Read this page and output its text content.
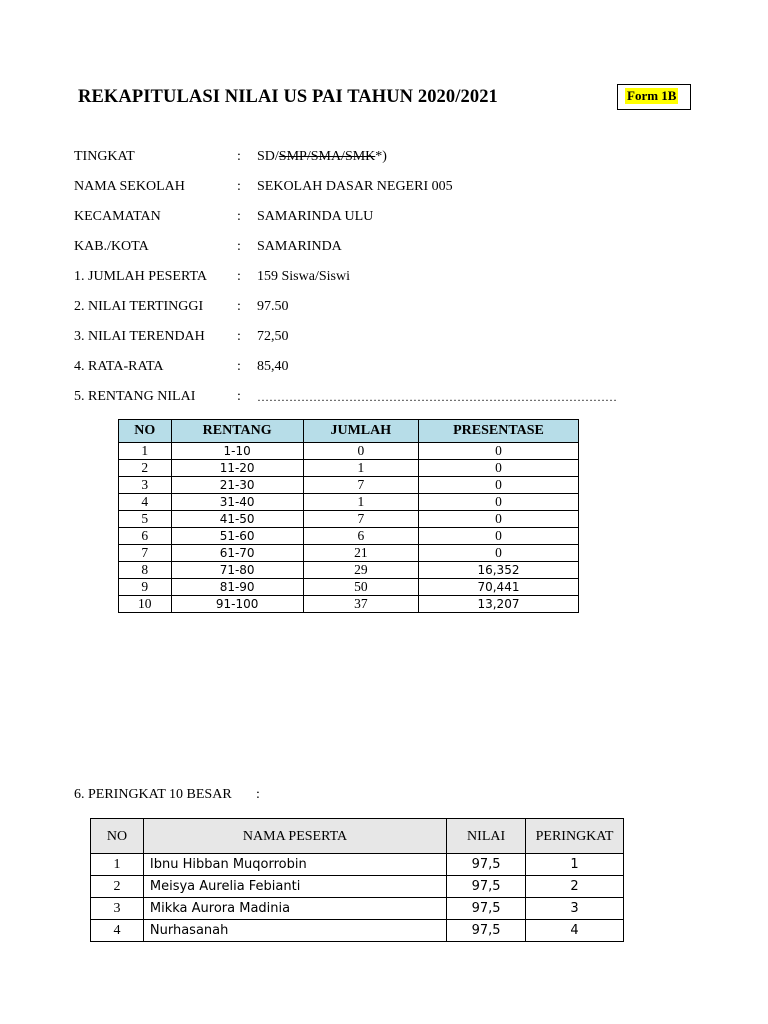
REKAPITULASI NILAI US PAI TAHUN 2020/2021	Form 1B
TINGKAT	: SD/SMP/SMA/SMK*)
NAMA SEKOLAH	: SEKOLAH DASAR NEGERI 005
KECAMATAN	: SAMARINDA ULU
KAB./KOTA	: SAMARINDA
1. JUMLAH PESERTA : 159 Siswa/Siswi
2. NILAI TERTINGGI : 97.50
3. NILAI TERENDAH : 72,50
4. RATA-RATA	: 85,40
5. RENTANG NILAI	: ………………………………………………………………………………
NO	RENTANG	JUMLAH	PRESENTASE
1	1-10	0	0
2	11-20	1	0
3	21-30	7	0
4	31-40	1	0
5	41-50	7	0
6	51-60	6	0
7	61-70	21	0
8	71-80	29	16,352
9	81-90	50	70,441
10	91-100	37	13,207
6. PERINGKAT 10 BESAR :
NO	NAMA PESERTA	NILAI	PERINGKAT
1	Ibnu Hibban Muqorrobin	97,5	1
2	Meisya Aurelia Febianti	97,5	2
3	Mikka Aurora Madinia	97,5	3
4	Nurhasanah	97,5	4
